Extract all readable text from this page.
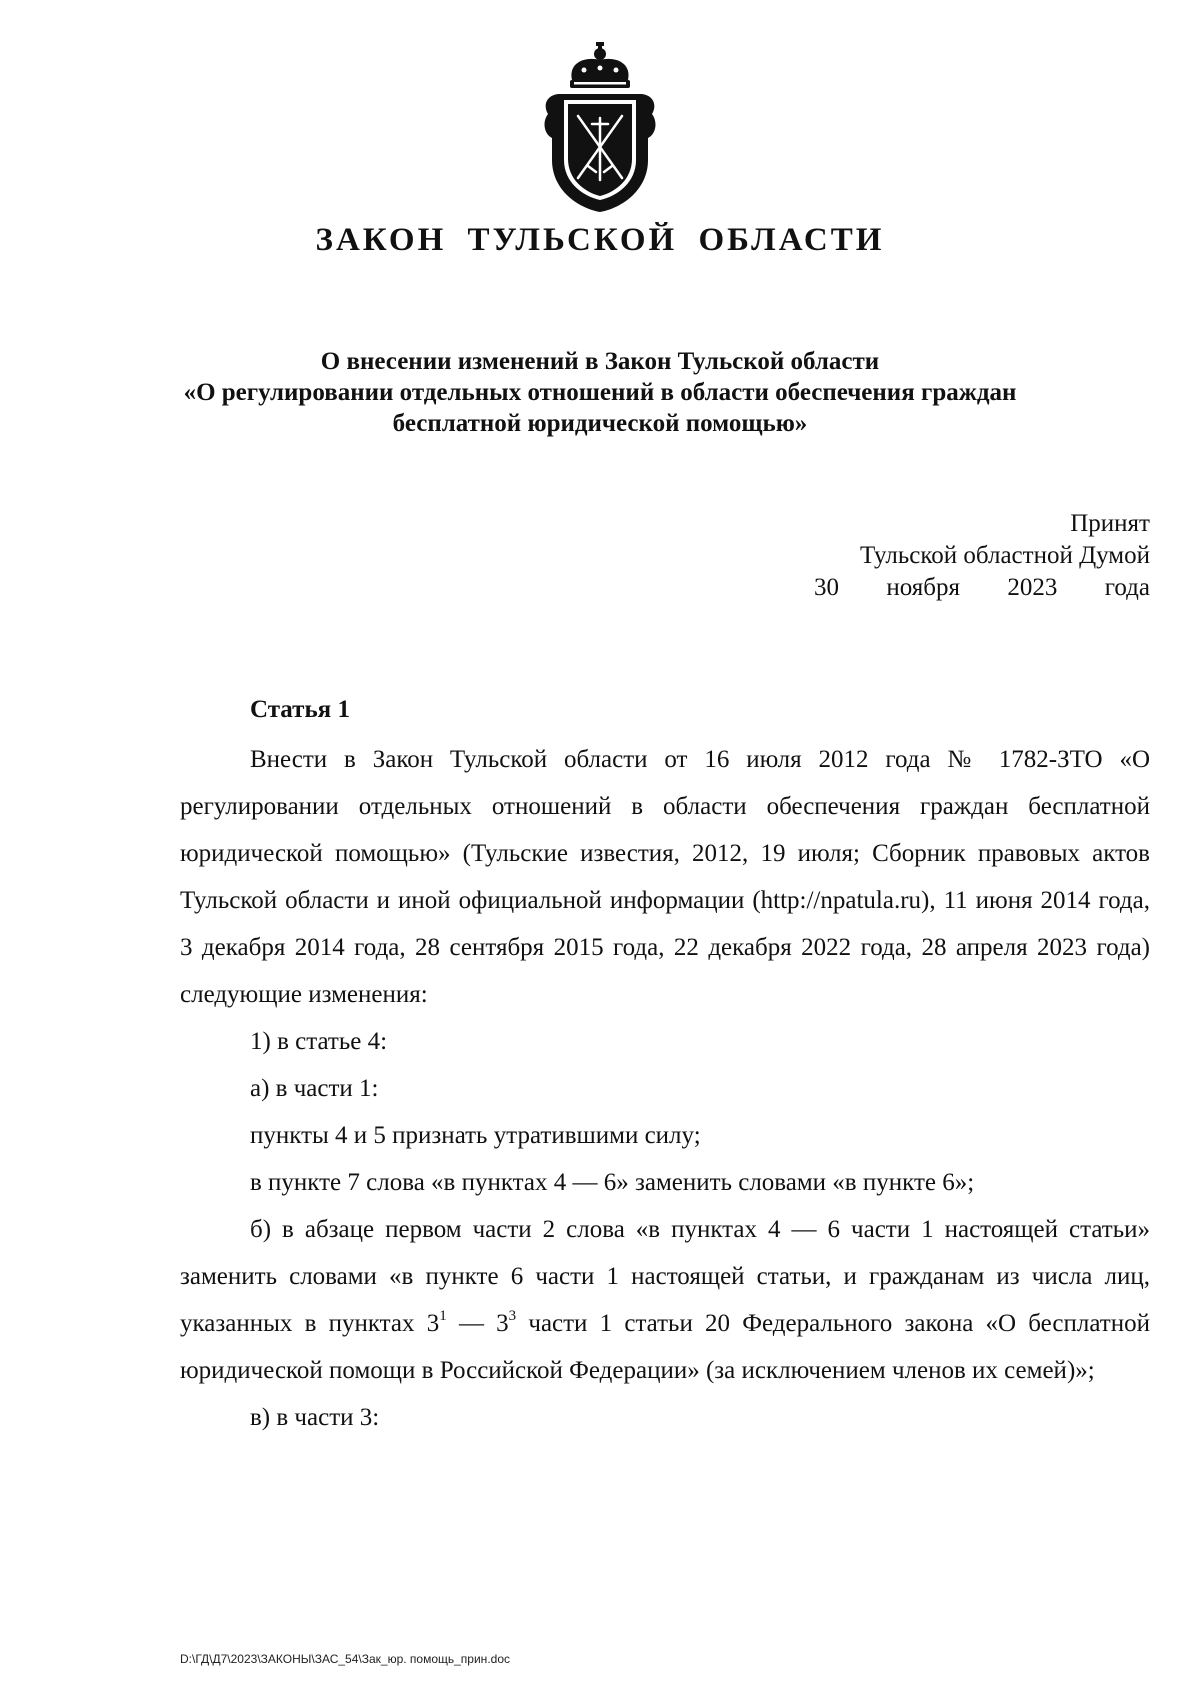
ЗАКОН ТУЛЬСКОЙ ОБЛАСТИ
О внесении изменений в Закон Тульской области
«О регулировании отдельных отношений в области обеспечения граждан
бесплатной юридической помощью»
Принят
Тульской областной Думой
30 ноября 2023 года
Статья 1

Внести в Закон Тульской области от 16 июля 2012 года № 1782-ЗТО «О регулировании отдельных отношений в области обеспечения граждан бесплатной юридической помощью» (Тульские известия, 2012, 19 июля; Сборник правовых актов Тульской области и иной официальной информации (http://npatula.ru), 11 июня 2014 года, 3 декабря 2014 года, 28 сентября 2015 года, 22 декабря 2022 года, 28 апреля 2023 года) следующие изменения:

1) в статье 4:

а) в части 1:

пункты 4 и 5 признать утратившими силу;

в пункте 7 слова «в пунктах 4 — 6» заменить словами «в пункте 6»;

б) в абзаце первом части 2 слова «в пунктах 4 — 6 части 1 настоящей статьи» заменить словами «в пункте 6 части 1 настоящей статьи, и гражданам из числа лиц, указанных в пунктах $3^1$ — $3^3$ части 1 статьи 20 Федерального закона «О бесплатной юридической помощи в Российской Федерации» (за исключением членов их семей)»;

в) в части 3:

D:\ГД\Д7\2023\ЗАКОНЫ\ЗАС_54\Зак_юр. помощь_прин.doc
